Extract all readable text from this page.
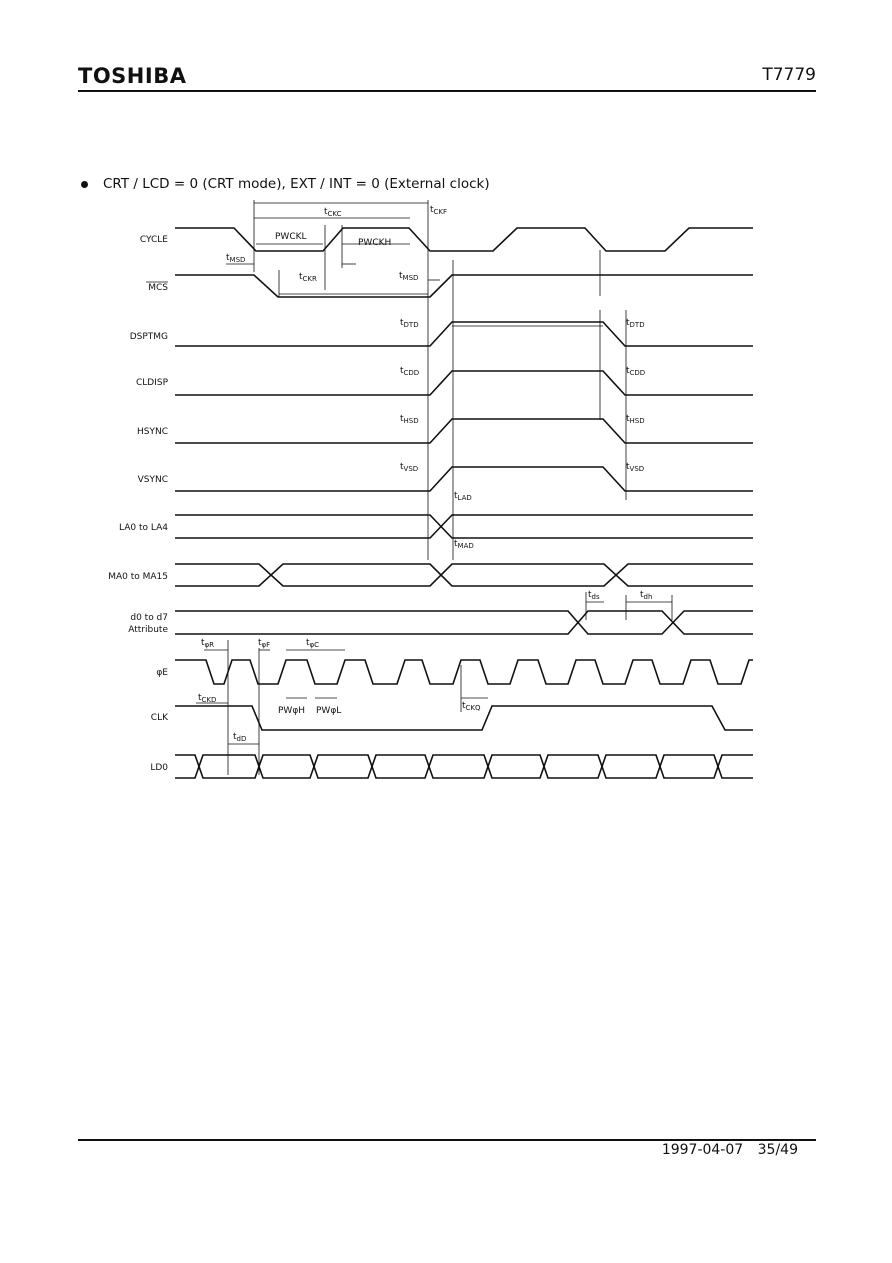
TOSHIBA	T7779
CRT / LCD = 0 (CRT mode), EXT / INT = 0 (External clock)
CYCLE
MCS
DSPTMG
CLDISP
HSYNC
VSYNC
LA0 to LA4
MA0 to MA15
d0 to d7
Attribute
φE
CLK
LD0
$t_{CKC}$	$t_{CKF}$
PWCKL
PWCKH
$t_{MSD}$
$t_{CKR}$	$t_{MSD}$
$t_{DTD}$	$t_{DTD}$
$t_{CDD}$	$t_{CDD}$
$t_{HSD}$	$t_{HSD}$
$t_{VSD}$	$t_{VSD}$
$t_{LAD}$
$t_{MAD}$
$t_{ds}$	$t_{dh}$
$t_{\varphi R}$	$t_{\varphi F}$	$t_{\varphi C}$
$t_{CKD}$
PWφH PWφL	$t_{CKQ}$
$t_{dD}$
1997-04-07 35/49
